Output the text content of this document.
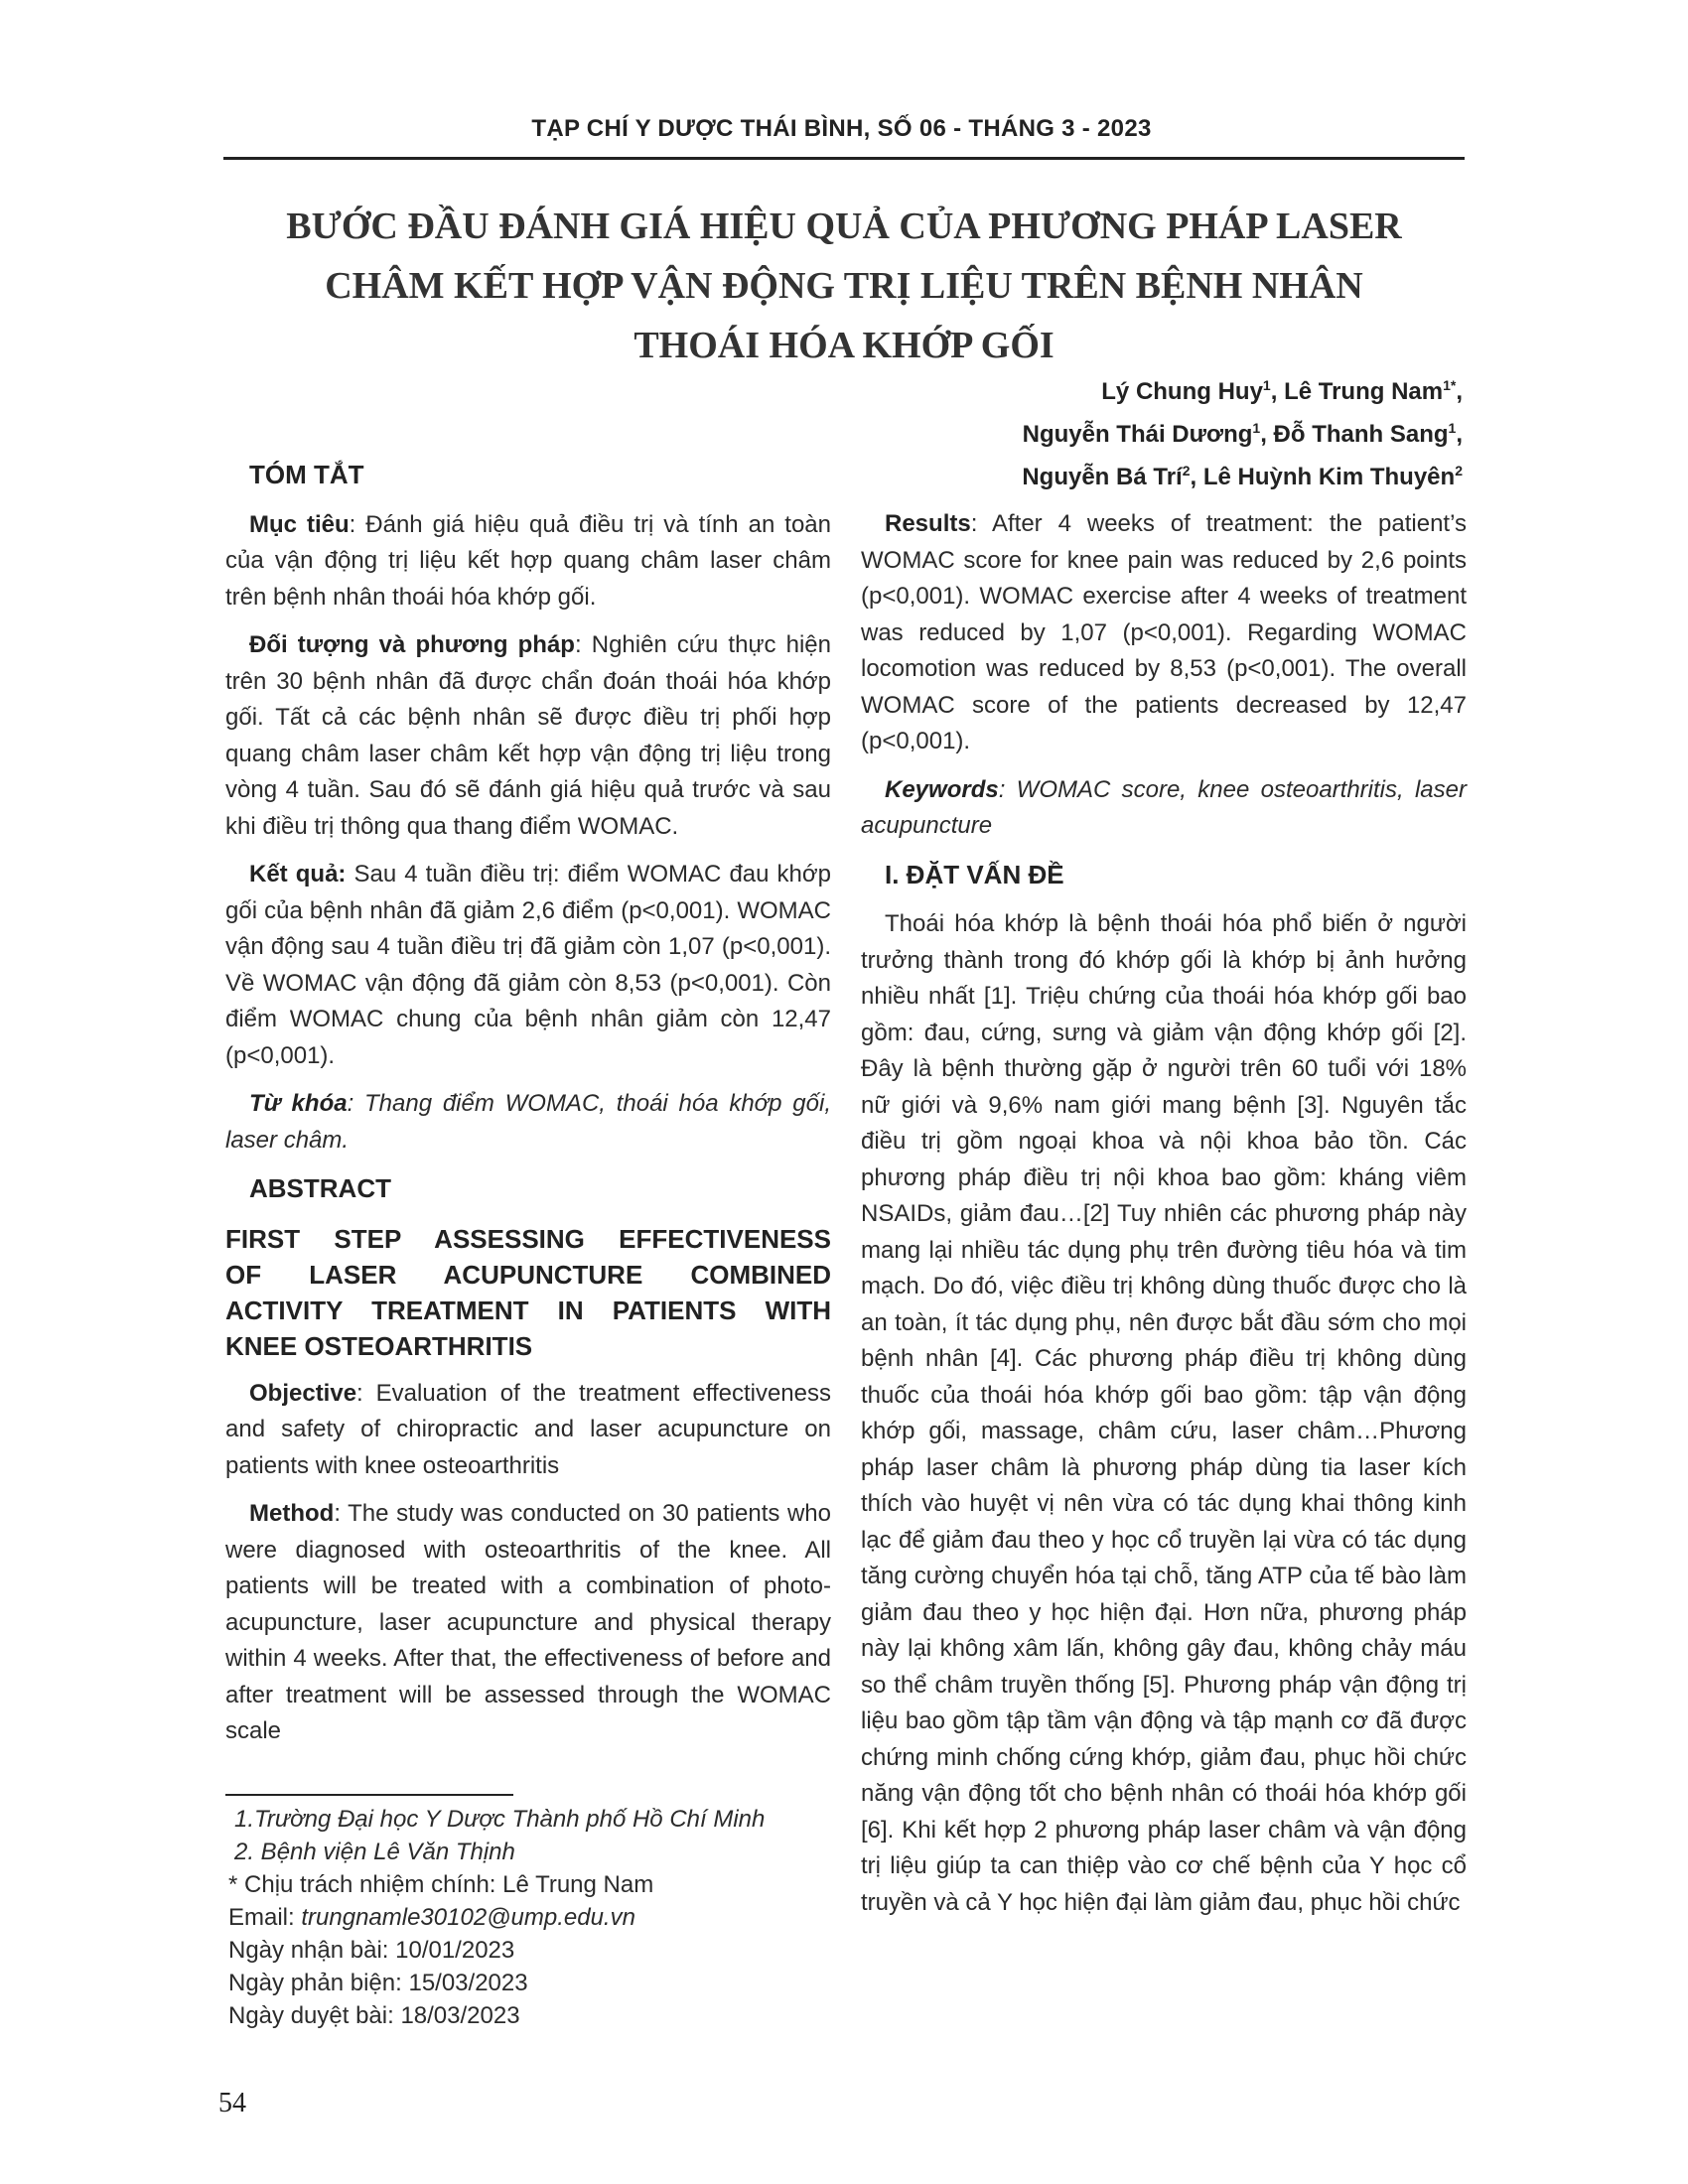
TẠP CHÍ Y DƯỢC THÁI BÌNH, SỐ 06 - THÁNG 3 - 2023
BƯỚC ĐẦU ĐÁNH GIÁ HIỆU QUẢ CỦA PHƯƠNG PHÁP LASER
CHÂM KẾT HỢP VẬN ĐỘNG TRỊ LIỆU TRÊN BỆNH NHÂN
THOÁI HÓA KHỚP GỐI
Lý Chung Huy$^1$, Lê Trung Nam$^{1*}$,
Nguyễn Thái Dương$^1$, Đỗ Thanh Sang$^1$,
Nguyễn Bá Trí$^2$, Lê Huỳnh Kim Thuyên$^2$
TÓM TẮT

Mục tiêu: Đánh giá hiệu quả điều trị và tính an toàn của vận động trị liệu kết hợp quang châm laser châm trên bệnh nhân thoái hóa khớp gối.

Đối tượng và phương pháp: Nghiên cứu thực hiện trên 30 bệnh nhân đã được chẩn đoán thoái hóa khớp gối. Tất cả các bệnh nhân sẽ được điều trị phối hợp quang châm laser châm kết hợp vận động trị liệu trong vòng 4 tuần. Sau đó sẽ đánh giá hiệu quả trước và sau khi điều trị thông qua thang điểm WOMAC.

Kết quả: Sau 4 tuần điều trị: điểm WOMAC đau khớp gối của bệnh nhân đã giảm 2,6 điểm (p<0,001). WOMAC vận động sau 4 tuần điều trị đã giảm còn 1,07 (p<0,001). Về WOMAC vận động đã giảm còn 8,53 (p<0,001). Còn điểm WOMAC chung của bệnh nhân giảm còn 12,47 (p<0,001).

Từ khóa: Thang điểm WOMAC, thoái hóa khớp gối, laser châm.

ABSTRACT
FIRST STEP ASSESSING EFFECTIVENESS
OF LASER ACUPUNCTURE COMBINED
ACTIVITY TREATMENT IN PATIENTS WITH
KNEE OSTEOARTHRITIS

Objective: Evaluation of the treatment effectiveness and safety of chiropractic and laser acupuncture on patients with knee osteoarthritis

Method: The study was conducted on 30 patients who were diagnosed with osteoarthritis of the knee. All patients will be treated with a combination of photo-acupuncture, laser acupuncture and physical therapy within 4 weeks. After that, the effectiveness of before and after treatment will be assessed through the WOMAC scale

Results: After 4 weeks of treatment: the patient’s WOMAC score for knee pain was reduced by 2,6 points (p<0,001). WOMAC exercise after 4 weeks of treatment was reduced by 1,07 (p<0,001). Regarding WOMAC locomotion was reduced by 8,53 (p<0,001). The overall WOMAC score of the patients decreased by 12,47 (p<0,001).

Keywords: WOMAC score, knee osteoarthritis, laser acupuncture

I. ĐẶT VẤN ĐỀ

Thoái hóa khớp là bệnh thoái hóa phổ biến ở người trưởng thành trong đó khớp gối là khớp bị ảnh hưởng nhiều nhất [1]. Triệu chứng của thoái hóa khớp gối bao gồm: đau, cứng, sưng và giảm vận động khớp gối [2]. Đây là bệnh thường gặp ở người trên 60 tuổi với 18% nữ giới và 9,6% nam giới mang bệnh [3]. Nguyên tắc điều trị gồm ngoại khoa và nội khoa bảo tồn. Các phương pháp điều trị nội khoa bao gồm: kháng viêm NSAIDs, giảm đau…[2] Tuy nhiên các phương pháp này mang lại nhiều tác dụng phụ trên đường tiêu hóa và tim mạch. Do đó, việc điều trị không dùng thuốc được cho là an toàn, ít tác dụng phụ, nên được bắt đầu sớm cho mọi bệnh nhân [4]. Các phương pháp điều trị không dùng thuốc của thoái hóa khớp gối bao gồm: tập vận động khớp gối, massage, châm cứu, laser châm…Phương pháp laser châm là phương pháp dùng tia laser kích thích vào huyệt vị nên vừa có tác dụng khai thông kinh lạc để giảm đau theo y học cổ truyền lại vừa có tác dụng tăng cường chuyển hóa tại chỗ, tăng ATP của tế bào làm giảm đau theo y học hiện đại. Hơn nữa, phương pháp này lại không xâm lấn, không gây đau, không chảy máu so thể châm truyền thống [5]. Phương pháp vận động trị liệu bao gồm tập tầm vận động và tập mạnh cơ đã được chứng minh chống cứng khớp, giảm đau, phục hồi chức năng vận động tốt cho bệnh nhân có thoái hóa khớp gối [6]. Khi kết hợp 2 phương pháp laser châm và vận động trị liệu giúp ta can thiệp vào cơ chế bệnh của Y học cổ truyền và cả Y học hiện đại làm giảm đau, phục hồi chức

1.Trường Đại học Y Dược Thành phố Hồ Chí Minh
2. Bệnh viện Lê Văn Thịnh
* Chịu trách nhiệm chính: Lê Trung Nam
Email: trungnamle30102@ump.edu.vn
Ngày nhận bài: 10/01/2023
Ngày phản biện: 15/03/2023
Ngày duyệt bài: 18/03/2023
54
